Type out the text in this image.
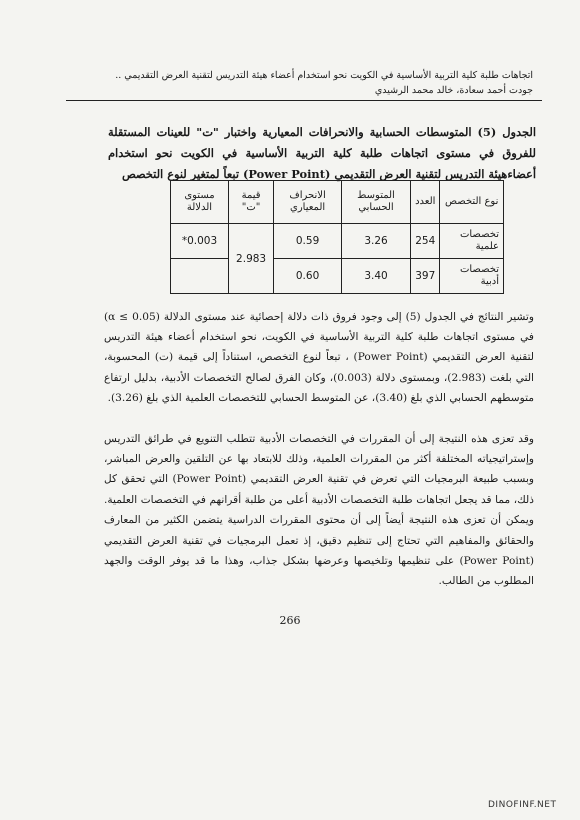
اتجاهات طلبة كلية التربية الأساسية في الكويت نحو استخدام أعضاء هيئة التدريس لتقنية العرض التقديمي ..
جودت أحمد سعادة، خالد محمد الرشيدي
الجدول (5) المتوسطات الحسابية والانحرافات المعيارية واختبار "ت" للعينات المستقلة للفروق في مستوى اتجاهات طلبة كلية التربية الأساسية في الكويت نحو استخدام أعضاءهيئة التدريس لتقنية العرض التقديمي (Power Point) تبعاً لمتغير لنوع التخصص
نوع التخصص	العدد	المتوسط الحسابي	الانحراف المعياري	قيمة "ت"	مستوى الدلالة
تخصصات علمية	254	3.26	0.59	2.983	0.003*
تخصصات أدبية	397	3.40	0.60		

وتشير النتائج في الجدول (5) إلى وجود فروق ذات دلالة إحصائية عند مستوى الدلالة (α ≤ 0.05) في مستوى اتجاهات طلبة كلية التربية الأساسية في الكويت، نحو استخدام أعضاء هيئة التدريس لتقنية العرض التقديمي (Power Point) ، تبعاً لنوع التخصص، استناداً إلى قيمة (ت) المحسوبة، التي بلغت (2.983)، وبمستوى دلالة (0.003)، وكان الفرق لصالح التخصصات الأدبية، بدليل ارتفاع متوسطهم الحسابي الذي بلغ (3.40)، عن المتوسط الحسابي للتخصصات العلمية الذي بلغ (3.26).

وقد تعزى هذه النتيجة إلى أن المقررات في التخصصات الأدبية تتطلب التنويع في طرائق التدريس وإستراتيجياته المختلفة أكثر من المقررات العلمية، وذلك للابتعاد بها عن التلقين والعرض المباشر، وبسبب طبيعة البرمجيات التي تعرض في تقنية العرض التقديمي (Power Point) التي تحقق كل ذلك، مما قد يجعل اتجاهات طلبة التخصصات الأدبية أعلى من طلبة أقرانهم في التخصصات العلمية. ويمكن أن تعزى هذه النتيجة أيضاً إلى أن محتوى المقررات الدراسية يتضمن الكثير من المعارف والحقائق والمفاهيم التي تحتاج إلى تنظيم دقيق، إذ تعمل البرمجيات في تقنية العرض التقديمي (Power Point) على تنظيمها وتلخيصها وعرضها بشكل جذاب، وهذا ما قد يوفر الوقت والجهد المطلوب من الطالب.

266
DINOFINF.NET
